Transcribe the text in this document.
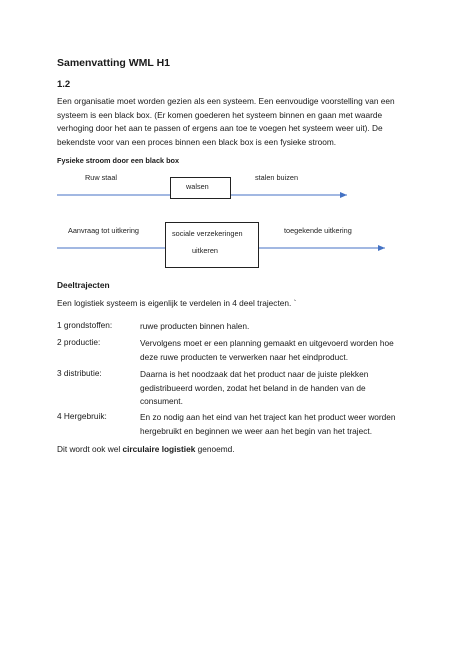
Samenvatting WML H1
1.2
Een organisatie moet worden gezien als een systeem. Een eenvoudige voorstelling van een
systeem is een black box. (Er komen goederen het systeem binnen en gaan met waarde
verhoging door het aan te passen of ergens aan toe te voegen het systeem weer uit). De
bekendste voor van een proces binnen een black box is een fysieke stroom.
Fysieke stroom door een black box
Ruw staal
walsen
stalen buizen
Aanvraag tot uitkering	sociale verzekeringen
uitkeren
toegekende uitkering
Deeltrajecten
Een logistiek systeem is eigenlijk te verdelen in 4 deel trajecten. `
1 grondstoffen:	ruwe producten binnen halen.
2 productie:	Vervolgens moet er een planning gemaakt en uitgevoerd worden hoe
deze ruwe producten te verwerken naar het eindproduct.
3 distributie:	Daarna is het noodzaak dat het product naar de juiste plekken
gedistribueerd worden, zodat het beland in de handen van de
consument.
4 Hergebruik:	En zo nodig aan het eind van het traject kan het product weer worden
hergebruikt en beginnen we weer aan het begin van het traject.
Dit wordt ook wel circulaire logistiek genoemd.
